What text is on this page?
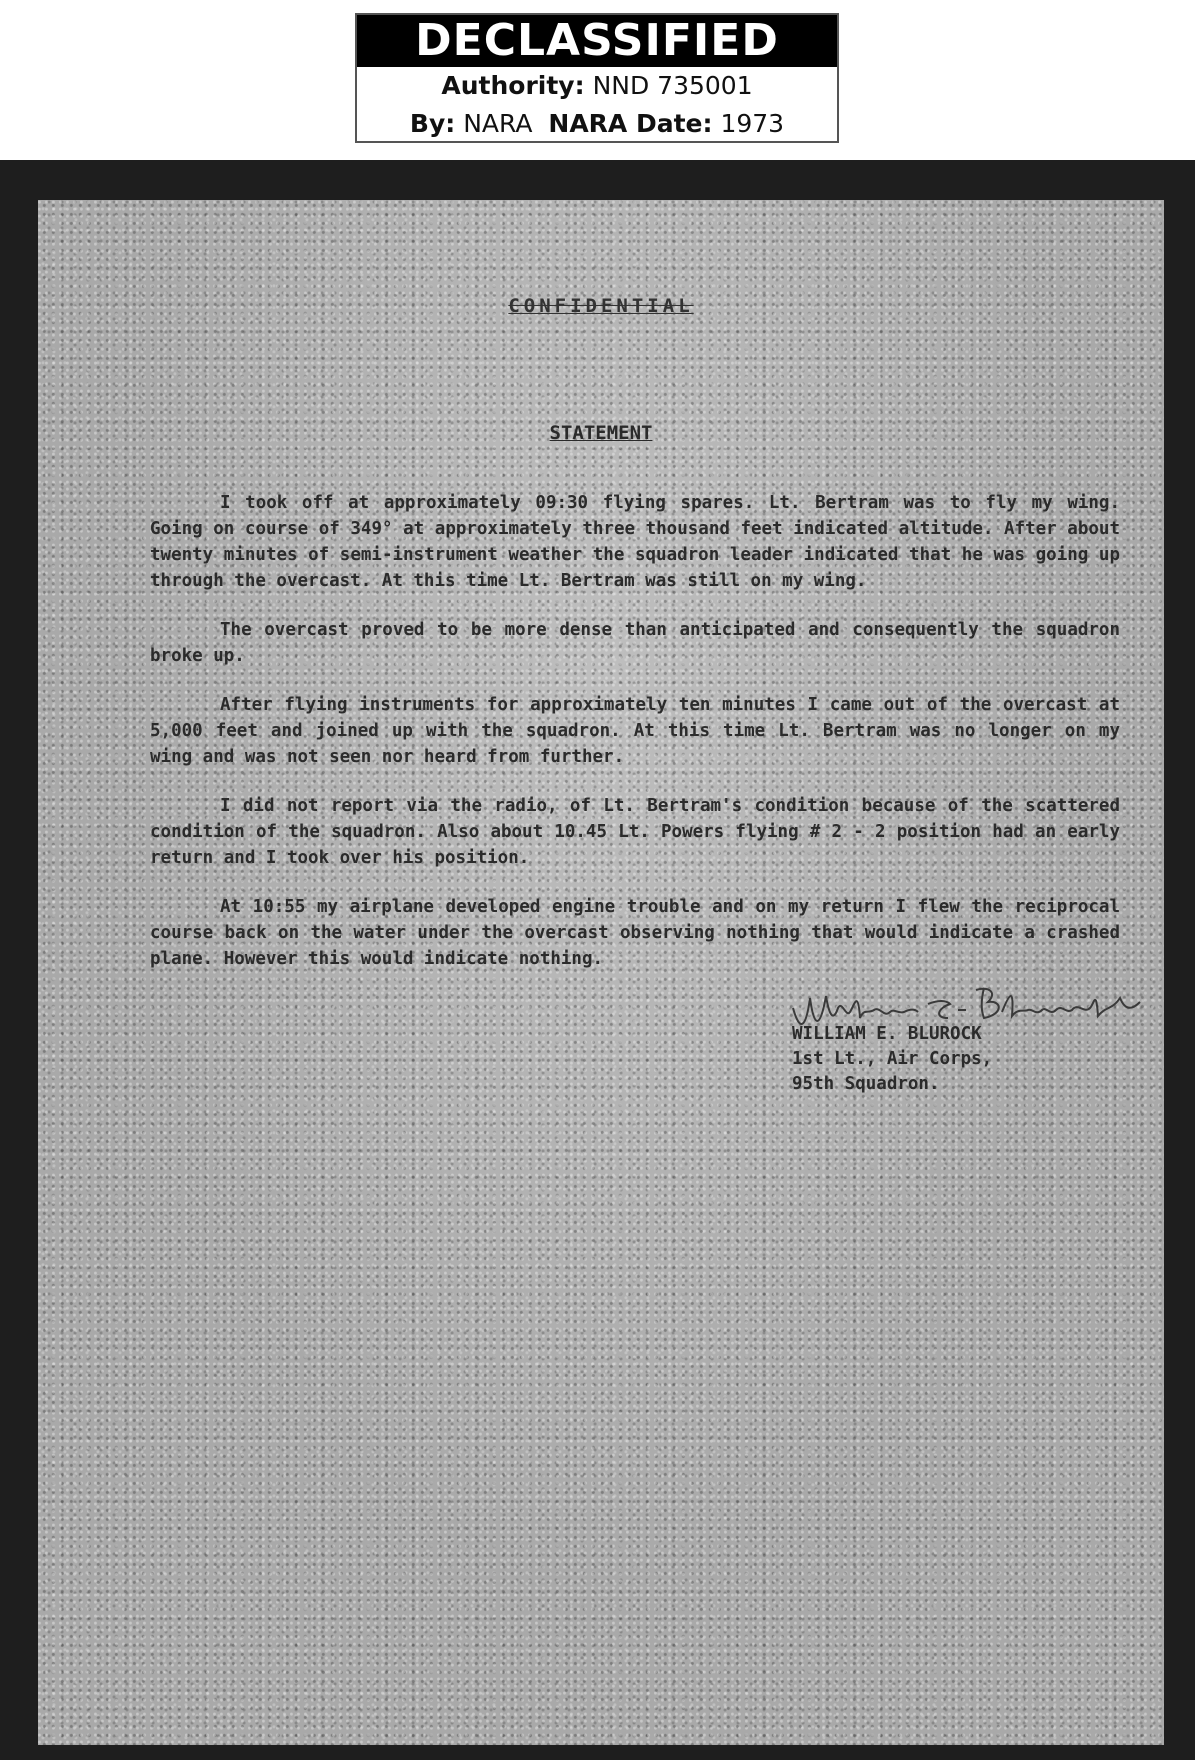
DECLASSIFIED
Authority: NND 735001
By: NARA NARA Date: 1973
CONFIDENTIAL
STATEMENT

I took off at approximately 09:30 flying spares. Lt. Bertram was to fly my wing. Going on course of 349° at approximately three thousand feet indicated altitude. After about twenty minutes of semi-instrument weather the squadron leader indicated that he was going up through the overcast. At this time Lt. Bertram was still on my wing.

The overcast proved to be more dense than anticipated and consequently the squadron broke up.

After flying instruments for approximately ten minutes I came out of the overcast at 5,000 feet and joined up with the squadron. At this time Lt. Bertram was no longer on my wing and was not seen nor heard from further.

I did not report via the radio, of Lt. Bertram's condition because of the scattered condition of the squadron. Also about 10.45 Lt. Powers flying # 2 - 2 position had an early return and I took over his position.

At 10:55 my airplane developed engine trouble and on my return I flew the reciprocal course back on the water under the overcast observing nothing that would indicate a crashed plane. However this would indicate nothing.

WILLIAM E. BLUROCK
1st Lt., Air Corps,
95th Squadron.
